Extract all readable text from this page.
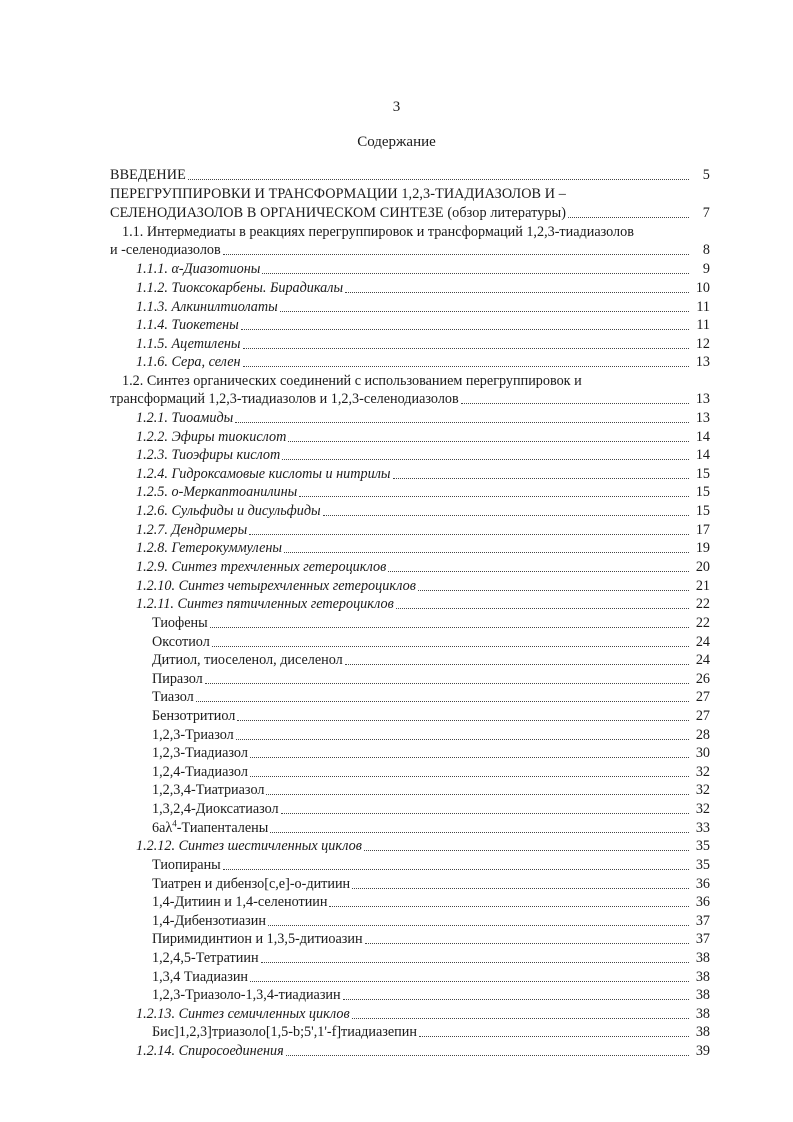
3
Содержание
ВВЕДЕНИЕ	5
ПЕРЕГРУППИРОВКИ И ТРАНСФОРМАЦИИ 1,2,3-ТИАДИАЗОЛОВ И –
СЕЛЕНОДИАЗОЛОВ В ОРГАНИЧЕСКОМ СИНТЕЗЕ (обзор литературы)	7
1.1. Интермедиаты в реакциях перегруппировок и трансформаций 1,2,3-тиадиазолов
и -селенодиазолов	8
1.1.1. α-Диазотионы	9
1.1.2. Тиоксокарбены. Бирадикалы	10
1.1.3. Алкинилтиолаты	11
1.1.4. Тиокетены	11
1.1.5. Ацетилены	12
1.1.6. Сера, селен	13
1.2. Синтез органических соединений с использованием перегруппировок и
трансформаций 1,2,3-тиадиазолов и 1,2,3-селенодиазолов	13
1.2.1. Тиоамиды	13
1.2.2. Эфиры тиокислот	14
1.2.3. Тиоэфиры кислот	14
1.2.4. Гидроксамовые кислоты и нитрилы	15
1.2.5. о-Меркаптоанилины	15
1.2.6. Сульфиды и дисульфиды	15
1.2.7. Дендримеры	17
1.2.8. Гетерокуммулены	19
1.2.9. Синтез трехчленных гетероциклов	20
1.2.10. Синтез четырехчленных гетероциклов	21
1.2.11. Синтез пятичленных гетероциклов	22
Тиофены	22
Оксотиол	24
Дитиол, тиоселенол, диселенол	24
Пиразол	26
Тиазол	27
Бензотритиол	27
1,2,3-Триазол	28
1,2,3-Тиадиазол	30
1,2,4-Тиадиазол	32
1,2,3,4-Тиатриазол	32
1,3,2,4-Диоксатиазол	32
$6a\lambda^4$-Тиапенталены	33
1.2.12. Синтез шестичленных циклов	35
Тиопираны	35
Тиатрен и дибензо[с,е]-о-дитиин	36
1,4-Дитиин и 1,4-селенотиин	36
1,4-Дибензотиазин	37
Пиримидинтион и 1,3,5-дитиоазин	37
1,2,4,5-Тетратиин	38
1,3,4 Тиадиазин	38
1,2,3-Триазоло-1,3,4-тиадиазин	38
1.2.13. Синтез семичленных циклов	38
Бис]1,2,3]триазоло[1,5-b;5',1'-f]тиадиазепин	38
1.2.14. Спиросоединения	39
